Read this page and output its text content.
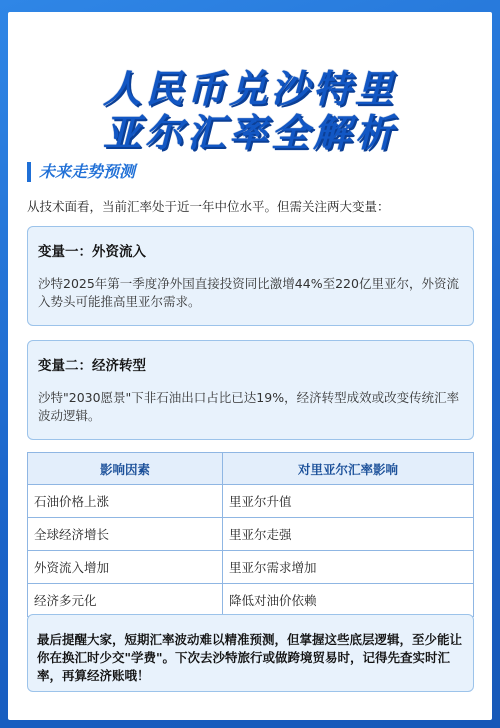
人民币兑沙特里
亚尔汇率全解析
未来走势预测
从技术面看，当前汇率处于近一年中位水平。但需关注两大变量：
变量一：外资流入
沙特2025年第一季度净外国直接投资同比激增44%至220亿里亚尔，外资流入势头可能推高里亚尔需求。
变量二：经济转型
沙特"2030愿景"下非石油出口占比已达19%，经济转型成效或改变传统汇率波动逻辑。
影响因素	对里亚尔汇率影响
石油价格上涨	里亚尔升值
全球经济增长	里亚尔走强
外资流入增加	里亚尔需求增加
经济多元化	降低对油价依赖
最后提醒大家，短期汇率波动难以精准预测，但掌握这些底层逻辑，至少能让你在换汇时少交"学费"。下次去沙特旅行或做跨境贸易时，记得先查实时汇率，再算经济账哦！
